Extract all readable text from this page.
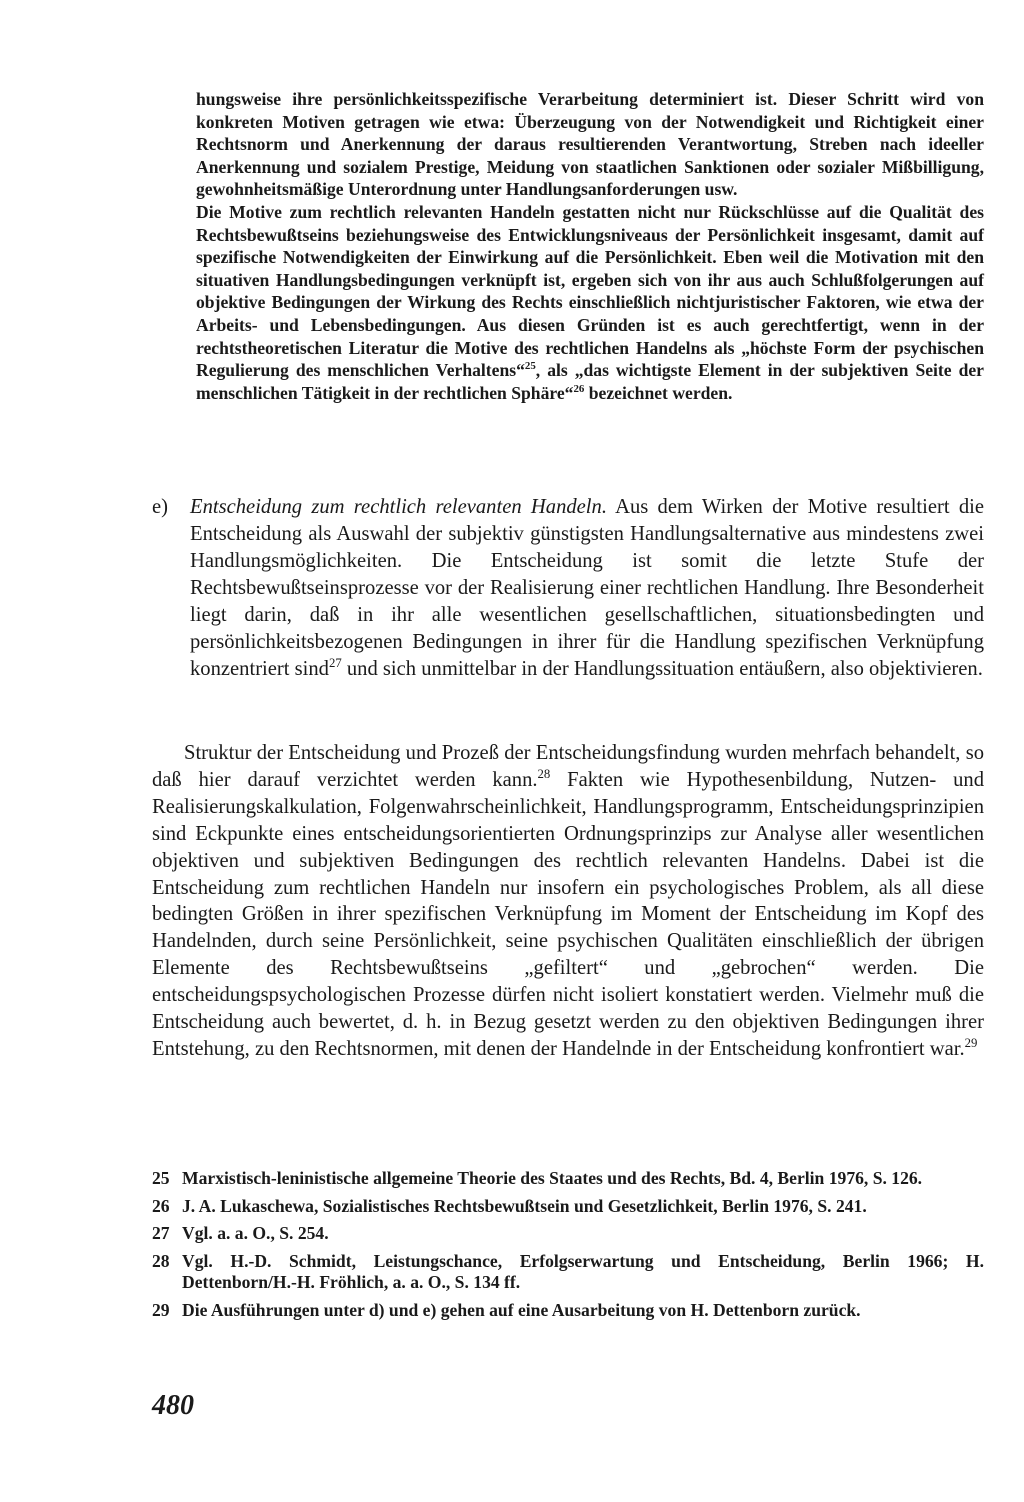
hungsweise ihre persönlichkeitsspezifische Verarbeitung determiniert ist. Dieser Schritt wird von konkreten Motiven getragen wie etwa: Überzeugung von der Notwendigkeit und Richtigkeit einer Rechtsnorm und Anerkennung der daraus resultierenden Verantwortung, Streben nach ideeller Anerkennung und sozialem Prestige, Meidung von staatlichen Sanktionen oder sozialer Mißbilligung, gewohnheitsmäßige Unterordnung unter Handlungsanforderungen usw.

Die Motive zum rechtlich relevanten Handeln gestatten nicht nur Rückschlüsse auf die Qualität des Rechtsbewußtseins beziehungsweise des Entwicklungsniveaus der Persönlichkeit insgesamt, damit auf spezifische Notwendigkeiten der Einwirkung auf die Persönlichkeit. Eben weil die Motivation mit den situativen Handlungsbedingungen verknüpft ist, ergeben sich von ihr aus auch Schlußfolgerungen auf objektive Bedingungen der Wirkung des Rechts einschließlich nichtjuristischer Faktoren, wie etwa der Arbeits- und Lebensbedingungen. Aus diesen Gründen ist es auch gerechtfertigt, wenn in der rechtstheoretischen Literatur die Motive des rechtlichen Handelns als „höchste Form der psychischen Regulierung des menschlichen Verhaltens“$^{25}$, als „das wichtigste Element in der subjektiven Seite der menschlichen Tätigkeit in der rechtlichen Sphäre“$^{26}$ bezeichnet werden.

e) Entscheidung zum rechtlich relevanten Handeln. Aus dem Wirken der Motive resultiert die Entscheidung als Auswahl der subjektiv günstigsten Handlungsalternative aus mindestens zwei Handlungsmöglichkeiten. Die Entscheidung ist somit die letzte Stufe der Rechtsbewußtseinsprozesse vor der Realisierung einer rechtlichen Handlung. Ihre Besonderheit liegt darin, daß in ihr alle wesentlichen gesellschaftlichen, situationsbedingten und persönlichkeitsbezogenen Bedingungen in ihrer für die Handlung spezifischen Verknüpfung konzentriert sind$^{27}$ und sich unmittelbar in der Handlungssituation entäußern, also objektivieren.

Struktur der Entscheidung und Prozeß der Entscheidungsfindung wurden mehrfach behandelt, so daß hier darauf verzichtet werden kann.$^{28}$ Fakten wie Hypothesenbildung, Nutzen- und Realisierungskalkulation, Folgenwahrscheinlichkeit, Handlungsprogramm, Entscheidungsprinzipien sind Eckpunkte eines entscheidungsorientierten Ordnungsprinzips zur Analyse aller wesentlichen objektiven und subjektiven Bedingungen des rechtlich relevanten Handelns. Dabei ist die Entscheidung zum rechtlichen Handeln nur insofern ein psychologisches Problem, als all diese bedingten Größen in ihrer spezifischen Verknüpfung im Moment der Entscheidung im Kopf des Handelnden, durch seine Persönlichkeit, seine psychischen Qualitäten einschließlich der übrigen Elemente des Rechtsbewußtseins „gefiltert“ und „gebrochen“ werden. Die entscheidungspsychologischen Prozesse dürfen nicht isoliert konstatiert werden. Vielmehr muß die Entscheidung auch bewertet, d. h. in Bezug gesetzt werden zu den objektiven Bedingungen ihrer Entstehung, zu den Rechtsnormen, mit denen der Handelnde in der Entscheidung konfrontiert war.$^{29}$

25 Marxistisch-leninistische allgemeine Theorie des Staates und des Rechts, Bd. 4, Berlin 1976, S. 126.
26 J. A. Lukaschewa, Sozialistisches Rechtsbewußtsein und Gesetzlichkeit, Berlin 1976, S. 241.
27 Vgl. a. a. O., S. 254.
28 Vgl. H.-D. Schmidt, Leistungschance, Erfolgserwartung und Entscheidung, Berlin 1966; H. Dettenborn/H.-H. Fröhlich, a. a. O., S. 134 ff.
29 Die Ausführungen unter d) und e) gehen auf eine Ausarbeitung von H. Dettenborn zurück.
480
